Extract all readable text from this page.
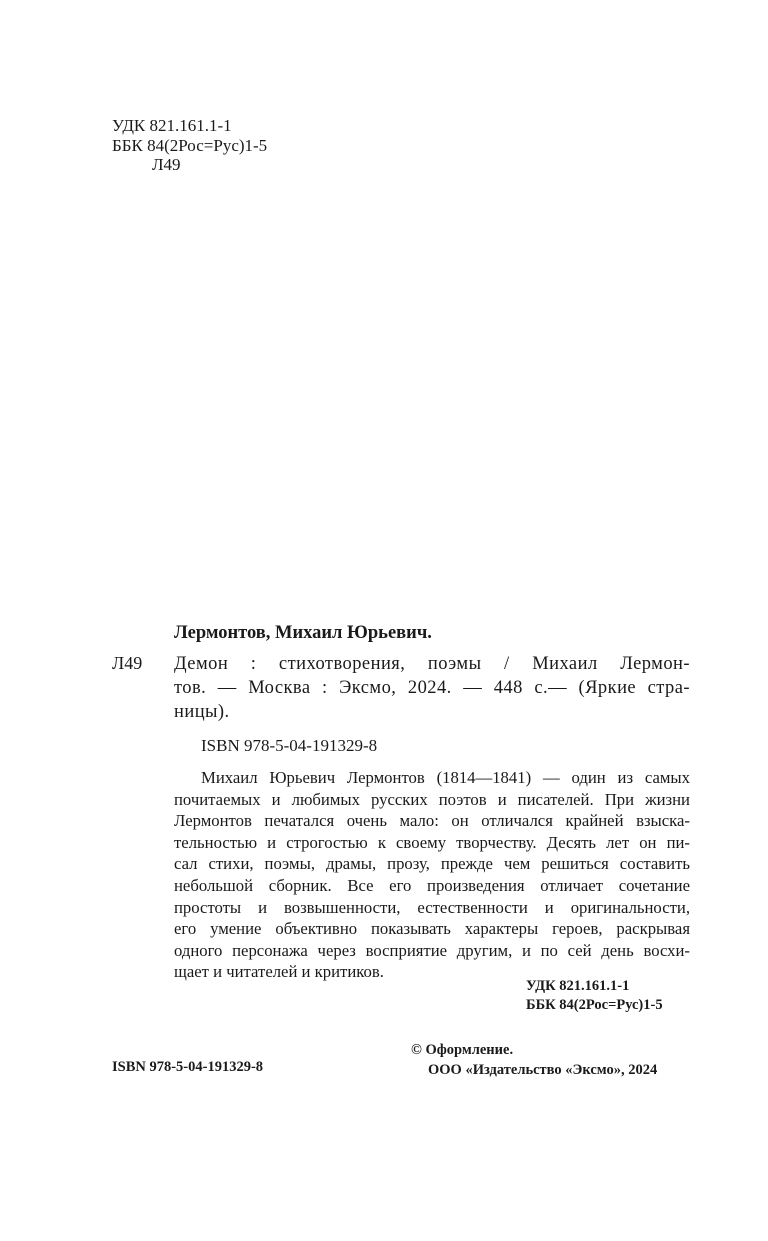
УДК 821.161.1-1
ББК 84(2Рос=Рус)1-5
Л49
Лермонтов, Михаил Юрьевич.
Л49 Демон : стихотворения, поэмы / Михаил Лермон-
тов. — Москва : Эксмо, 2024. — 448 с.— (Яркие стра-
ницы).
ISBN 978-5-04-191329-8
Михаил Юрьевич Лермонтов (1814—1841) — один из самых
почитаемых и любимых русских поэтов и писателей. При жизни
Лермонтов печатался очень мало: он отличался крайней взыска-
тельностью и строгостью к своему творчеству. Десять лет он пи-
сал стихи, поэмы, драмы, прозу, прежде чем решиться составить
небольшой сборник. Все его произведения отличает сочетание
простоты и возвышенности, естественности и оригинальности,
его умение объективно показывать характеры героев, раскрывая
одного персонажа через восприятие другим, и по сей день восхи-
щает и читателей и критиков.
УДК 821.161.1-1
ББК 84(2Рос=Рус)1-5
ISBN 978-5-04-191329-8
© Оформление.
ООО «Издательство «Эксмо», 2024
